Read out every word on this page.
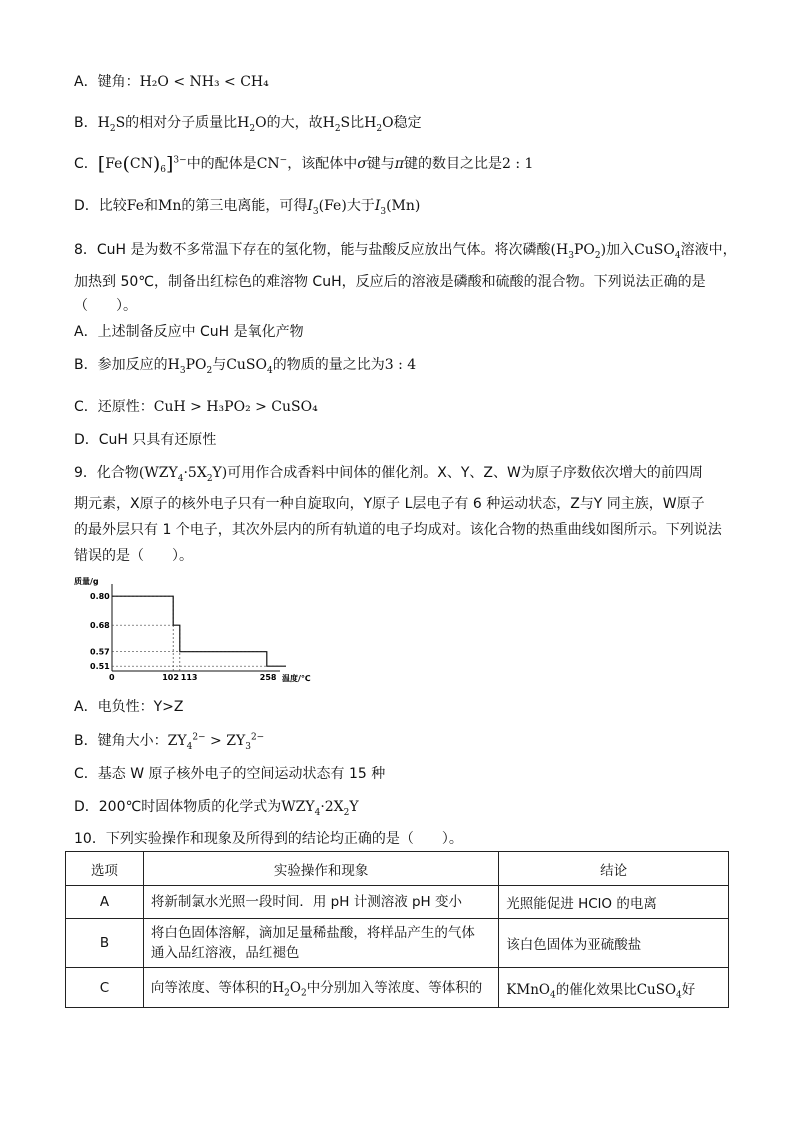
A．键角：H₂O < NH₃ < CH₄
B．$H_2S$的相对分子质量比$H_2O$的大，故$H_2S$比$H_2O$稳定
C．$[Fe(CN)_6]^{3-}$中的配体是CN−，该配体中σ键与π键的数目之比是2 : 1
D．比较Fe和Mn的第三电离能，可得$I_3(Fe)$大于$I_3(Mn)$
8．CuH 是为数不多常温下存在的氢化物，能与盐酸反应放出气体。将次磷酸$(H_3PO_2)$加入CuSO$_4$溶液中，
加热到 50℃，制备出红棕色的难溶物 CuH，反应后的溶液是磷酸和硫酸的混合物。下列说法正确的是
（　　）。
A．上述制备反应中 CuH 是氧化产物
B．参加反应的$H_3PO_2$与CuSO$_4$的物质的量之比为3 : 4
C．还原性：CuH > H₃PO₂ > CuSO₄
D．CuH 只具有还原性
9．化合物$(WZY_4\cdot 5X_2Y)$可用作合成香料中间体的催化剂。X、Y、Z、W为原子序数依次增大的前四周
期元素，X原子的核外电子只有一种自旋取向，Y原子 L层电子有 6 种运动状态，Z与Y 同主族，W原子
的最外层只有 1 个电子，其次外层内的所有轨道的电子均成对。该化合物的热重曲线如图所示。下列说法
错误的是（　　）。
质量/g
0.80
0.68
0.57
0.51
0	102 113	258 温度/℃
A．电负性：Y>Z
B．键角大小：$ZY_4^{2-} > ZY_3^{2-}$
C．基态 W 原子核外电子的空间运动状态有 15 种
D．200℃时固体物质的化学式为$WZY_4\cdot 2X_2Y$
10．下列实验操作和现象及所得到的结论均正确的是（　　）。
选项	实验操作和现象	结论
A	将新制氯水光照一段时间．用 pH 计测溶液 pH 变小	光照能促进 HClO 的电离
B	将白色固体溶解，滴加足量稀盐酸，将样品产生的气体
通入品红溶液，品红褪色	该白色固体为亚硫酸盐
C	向等浓度、等体积的$H_2O_2$中分别加入等浓度、等体积的	KMnO$_4$的催化效果比CuSO$_4$好
